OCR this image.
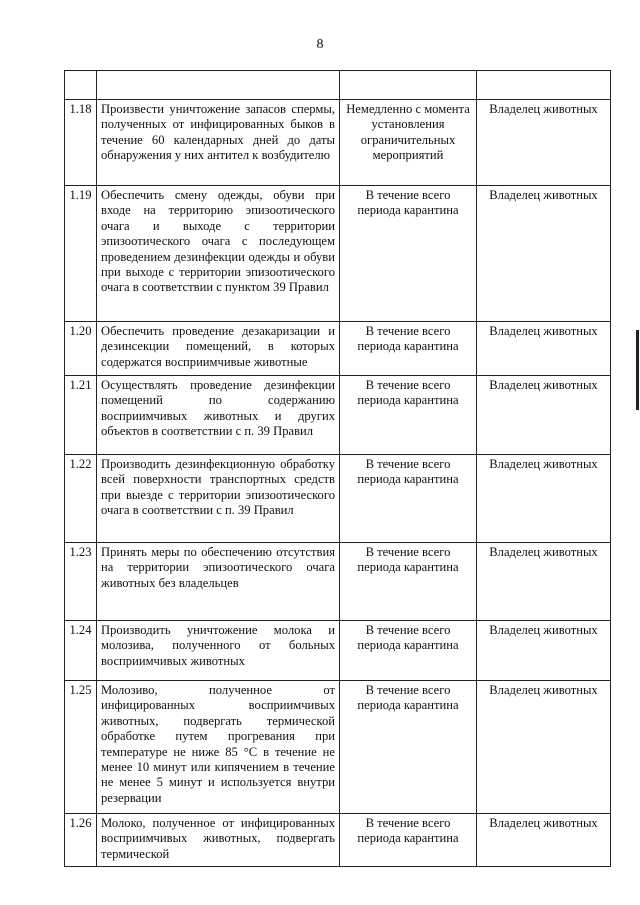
8

1.18	Произвести уничтожение запасов спермы, полученных от инфицированных быков в течение 60 календарных дней до даты обнаружения у них антител к возбудителю	Немедленно с момента установления ограничительных мероприятий	Владелец животных
1.19	Обеспечить смену одежды, обуви при входе на территорию эпизоотического очага и выходе с территории эпизоотического очага с последующем проведением дезинфекции одежды и обуви при выходе с территории эпизоотического очага в соответствии с пунктом 39 Правил	В течение всего периода карантина	Владелец животных
1.20	Обеспечить проведение дезакаризации и дезинсекции помещений, в которых содержатся восприимчивые животные	В течение всего периода карантина	Владелец животных
1.21	Осуществлять проведение дезинфекции помещений по содержанию восприимчивых животных и других объектов в соответствии с п. 39 Правил	В течение всего периода карантина	Владелец животных
1.22	Производить дезинфекционную обработку всей поверхности транспортных средств при выезде с территории эпизоотического очага в соответствии с п. 39 Правил	В течение всего периода карантина	Владелец животных
1.23	Принять меры по обеспечению отсутствия на территории эпизоотического очага животных без владельцев	В течение всего периода карантина	Владелец животных
1.24	Производить уничтожение молока и молозива, полученного от больных восприимчивых животных	В течение всего периода карантина	Владелец животных
1.25	Молозиво, полученное от инфицированных восприимчивых животных, подвергать термической обработке путем прогревания при температуре не ниже 85 °С в течение не менее 10 минут или кипячением в течение не менее 5 минут и используется внутри резервации	В течение всего периода карантина	Владелец животных
1.26	Молоко, полученное от инфицированных восприимчивых животных, подвергать термической	В течение всего периода карантина	Владелец животных
